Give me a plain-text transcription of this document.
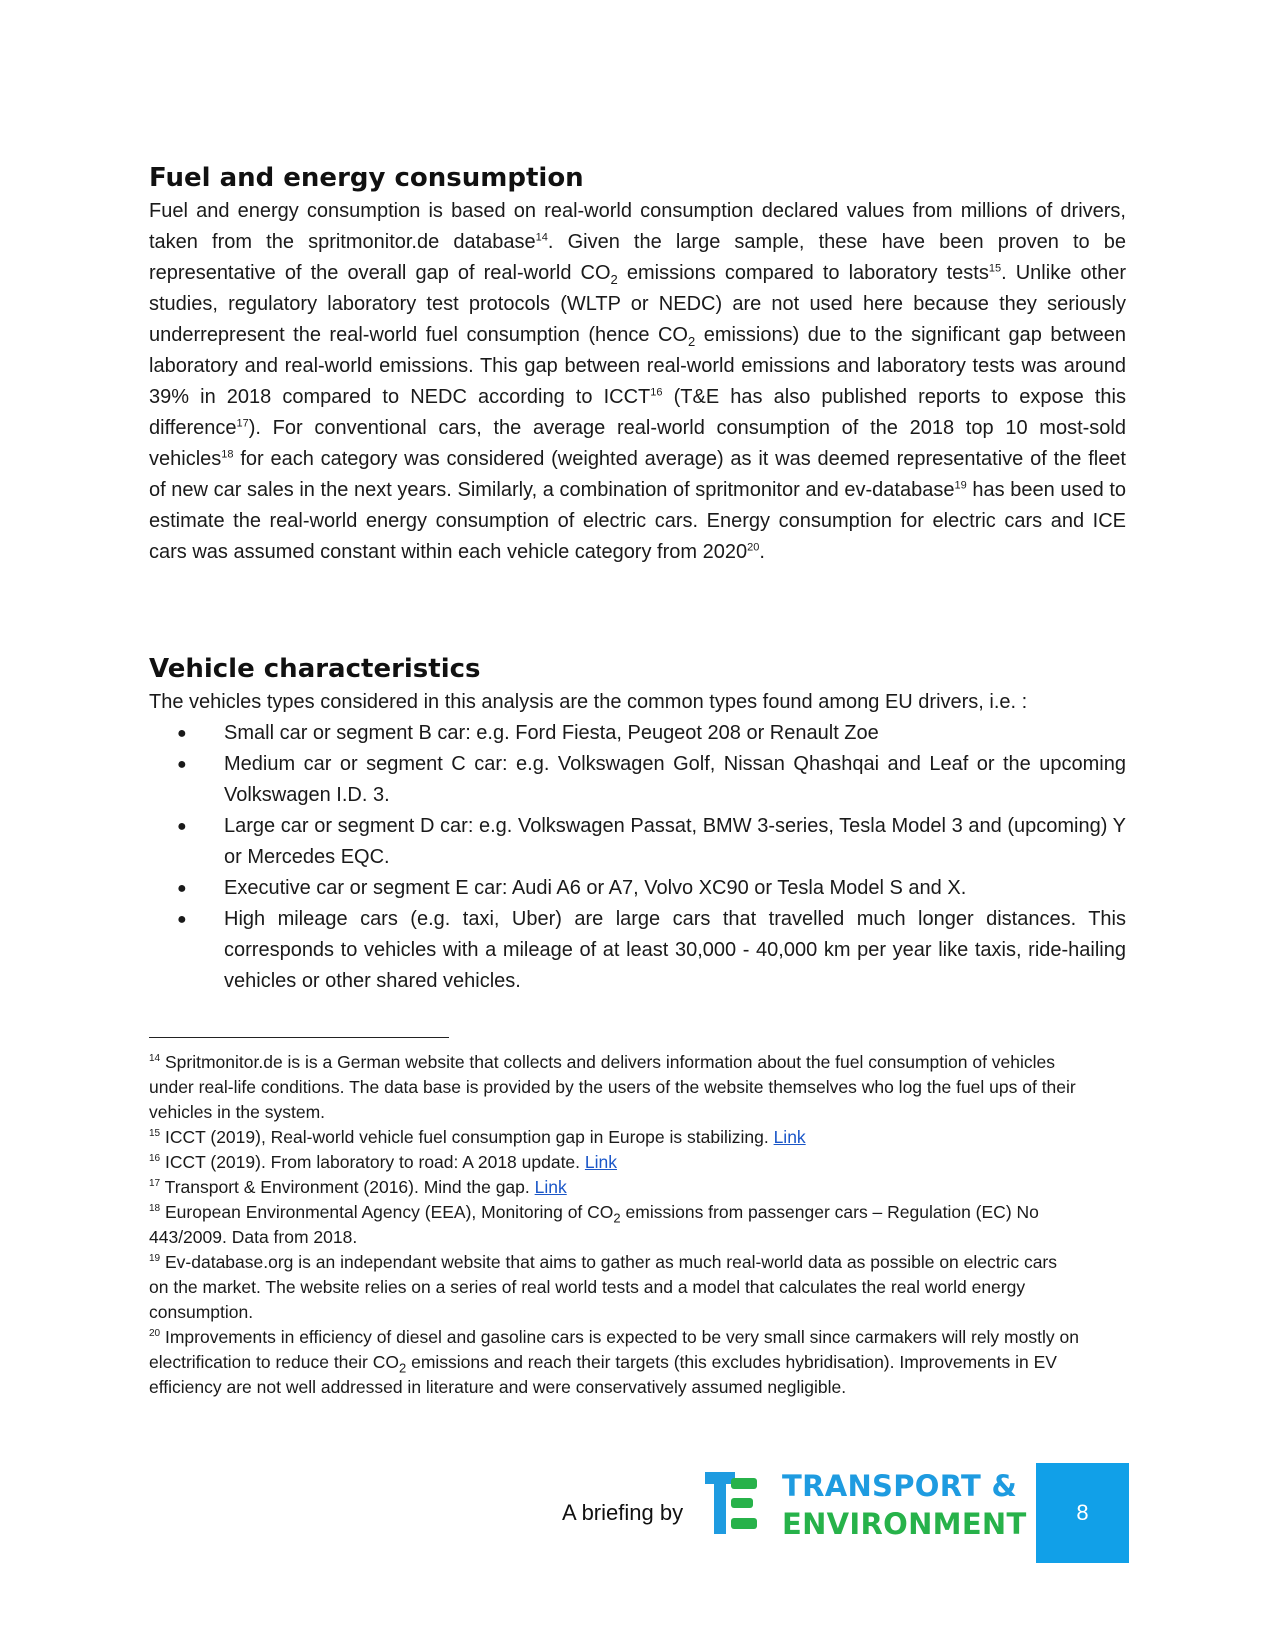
Fuel and energy consumption

Fuel and energy consumption is based on real-world consumption declared values from millions of drivers, taken from the spritmonitor.de database$^{14}$. Given the large sample, these have been proven to be representative of the overall gap of real-world $CO_2$ emissions compared to laboratory tests$^{15}$. Unlike other studies, regulatory laboratory test protocols (WLTP or NEDC) are not used here because they seriously underrepresent the real-world fuel consumption (hence $CO_2$ emissions) due to the significant gap between laboratory and real-world emissions. This gap between real-world emissions and laboratory tests was around 39% in 2018 compared to NEDC according to ICCT$^{16}$ (T&E has also published reports to expose this difference$^{17}$). For conventional cars, the average real-world consumption of the 2018 top 10 most-sold vehicles$^{18}$ for each category was considered (weighted average) as it was deemed representative of the fleet of new car sales in the next years. Similarly, a combination of spritmonitor and ev-database$^{19}$ has been used to estimate the real-world energy consumption of electric cars. Energy consumption for electric cars and ICE cars was assumed constant within each vehicle category from 2020$^{20}$.

Vehicle characteristics

The vehicles types considered in this analysis are the common types found among EU drivers, i.e. :

● Small car or segment B car: e.g. Ford Fiesta, Peugeot 208 or Renault Zoe
● Medium car or segment C car: e.g. Volkswagen Golf, Nissan Qhashqai and Leaf or the upcoming Volkswagen I.D. 3.
● Large car or segment D car: e.g. Volkswagen Passat, BMW 3-series, Tesla Model 3 and (upcoming) Y or Mercedes EQC.
● Executive car or segment E car: Audi A6 or A7, Volvo XC90 or Tesla Model S and X.
● High mileage cars (e.g. taxi, Uber) are large cars that travelled much longer distances. This corresponds to vehicles with a mileage of at least 30,000 - 40,000 km per year like taxis, ride-hailing vehicles or other shared vehicles.

$^{14}$ Spritmonitor.de is is a German website that collects and delivers information about the fuel consumption of vehicles under real-life conditions. The data base is provided by the users of the website themselves who log the fuel ups of their vehicles in the system.

$^{15}$ ICCT (2019), Real-world vehicle fuel consumption gap in Europe is stabilizing. Link

$^{16}$ ICCT (2019). From laboratory to road: A 2018 update. Link

$^{17}$ Transport & Environment (2016). Mind the gap. Link

$^{18}$ European Environmental Agency (EEA), Monitoring of $CO_2$ emissions from passenger cars – Regulation (EC) No 443/2009. Data from 2018.

$^{19}$ Ev-database.org is an independant website that aims to gather as much real-world data as possible on electric cars on the market. The website relies on a series of real world tests and a model that calculates the real world energy consumption.

$^{20}$ Improvements in efficiency of diesel and gasoline cars is expected to be very small since carmakers will rely mostly on electrification to reduce their $CO_2$ emissions and reach their targets (this excludes hybridisation). Improvements in EV efficiency are not well addressed in literature and were conservatively assumed negligible.

A briefing by
TRANSPORT &
ENVIRONMENT	8
